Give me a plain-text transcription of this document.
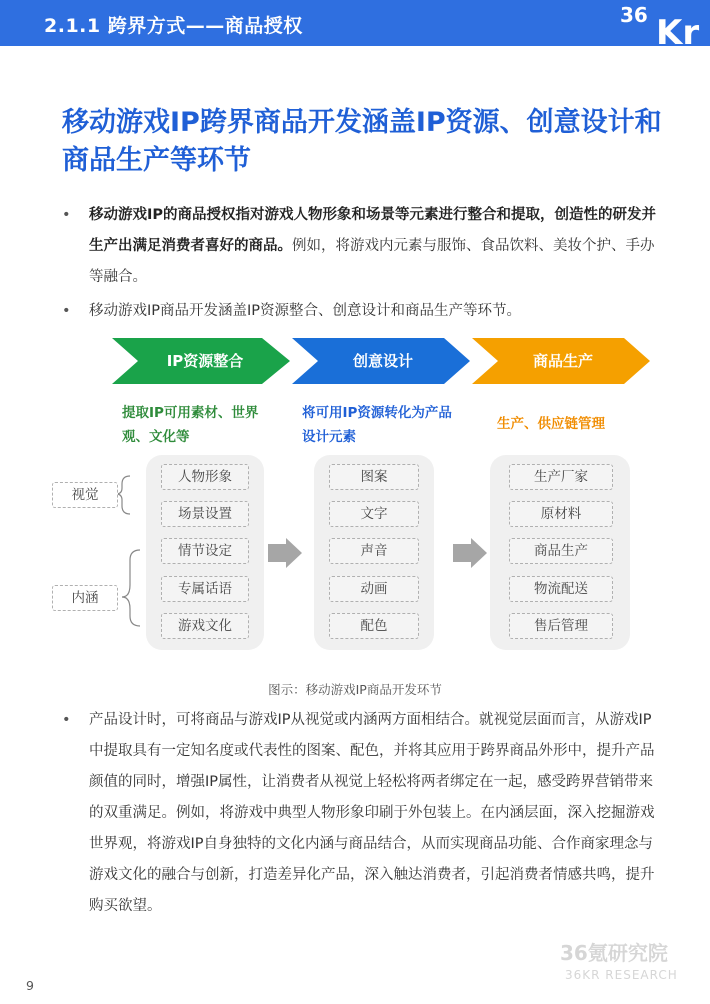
2.1.1 跨界方式——商品授权	36 Kr
移动游戏IP跨界商品开发涵盖IP资源、创意设计和商品生产等环节
• 移动游戏IP的商品授权指对游戏人物形象和场景等元素进行整合和提取，创造性的研发并生产出满足消费者喜好的商品。例如，将游戏内元素与服饰、食品饮料、美妆个护、手办等融合。
• 移动游戏IP商品开发涵盖IP资源整合、创意设计和商品生产等环节。
IP资源整合	创意设计	商品生产
提取IP可用素材、世界观、文化等
将可用IP资源转化为产品设计元素
生产、供应链管理
视觉
内涵
人物形象
场景设置
情节设定
专属话语
游戏文化
图案
文字
声音
动画
配色
生产厂家
原材料
商品生产
物流配送
售后管理
图示：移动游戏IP商品开发环节
• 产品设计时，可将商品与游戏IP从视觉或内涵两方面相结合。就视觉层面而言，从游戏IP中提取具有一定知名度或代表性的图案、配色，并将其应用于跨界商品外形中，提升产品颜值的同时，增强IP属性，让消费者从视觉上轻松将两者绑定在一起，感受跨界营销带来的双重满足。例如，将游戏中典型人物形象印刷于外包装上。在内涵层面，深入挖掘游戏世界观，将游戏IP自身独特的文化内涵与商品结合，从而实现商品功能、合作商家理念与游戏文化的融合与创新，打造差异化产品，深入触达消费者，引起消费者情感共鸣，提升购买欲望。
36氪研究院
36KR RESEARCH
9
